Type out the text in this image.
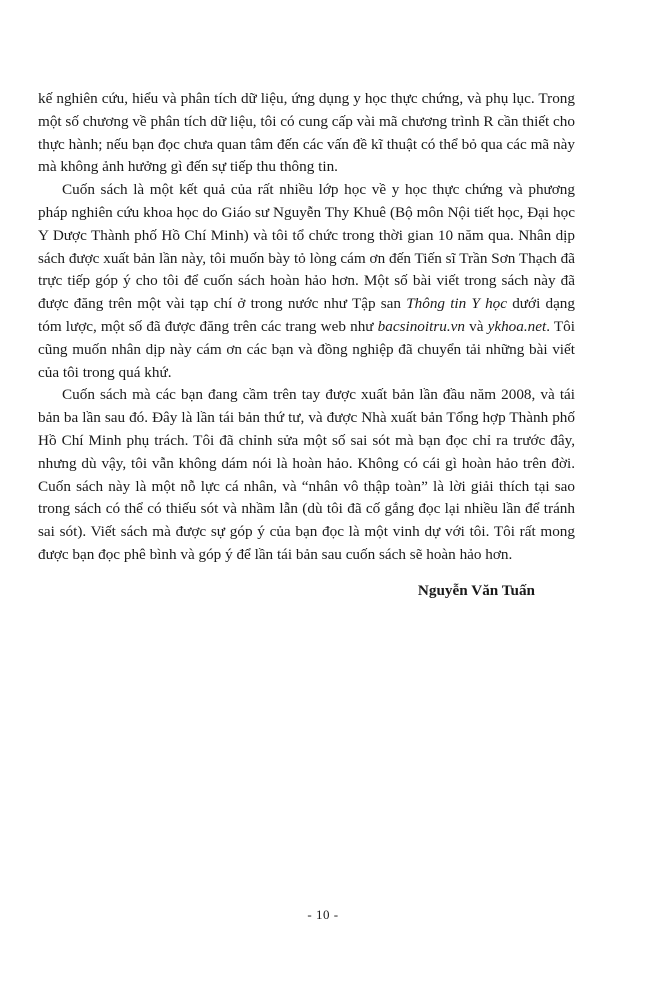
kế nghiên cứu, hiểu và phân tích dữ liệu, ứng dụng y học thực chứng, và phụ lục. Trong một số chương về phân tích dữ liệu, tôi có cung cấp vài mã chương trình R cần thiết cho thực hành; nếu bạn đọc chưa quan tâm đến các vấn đề kĩ thuật có thể bỏ qua các mã này mà không ảnh hưởng gì đến sự tiếp thu thông tin.

Cuốn sách là một kết quả của rất nhiều lớp học về y học thực chứng và phương pháp nghiên cứu khoa học do Giáo sư Nguyễn Thy Khuê (Bộ môn Nội tiết học, Đại học Y Dược Thành phố Hồ Chí Minh) và tôi tổ chức trong thời gian 10 năm qua. Nhân dịp sách được xuất bản lần này, tôi muốn bày tỏ lòng cám ơn đến Tiến sĩ Trần Sơn Thạch đã trực tiếp góp ý cho tôi để cuốn sách hoàn hảo hơn. Một số bài viết trong sách này đã được đăng trên một vài tạp chí ở trong nước như Tập san Thông tin Y học dưới dạng tóm lược, một số đã được đăng trên các trang web như bacsinoitru.vn và ykhoa.net. Tôi cũng muốn nhân dịp này cám ơn các bạn và đồng nghiệp đã chuyển tải những bài viết của tôi trong quá khứ.

Cuốn sách mà các bạn đang cầm trên tay được xuất bản lần đầu năm 2008, và tái bản ba lần sau đó. Đây là lần tái bản thứ tư, và được Nhà xuất bản Tổng hợp Thành phố Hồ Chí Minh phụ trách. Tôi đã chỉnh sửa một số sai sót mà bạn đọc chỉ ra trước đây, nhưng dù vậy, tôi vẫn không dám nói là hoàn hảo. Không có cái gì hoàn hảo trên đời. Cuốn sách này là một nỗ lực cá nhân, và “nhân vô thập toàn” là lời giải thích tại sao trong sách có thể có thiếu sót và nhầm lẫn (dù tôi đã cố gắng đọc lại nhiều lần để tránh sai sót). Viết sách mà được sự góp ý của bạn đọc là một vinh dự với tôi. Tôi rất mong được bạn đọc phê bình và góp ý để lần tái bản sau cuốn sách sẽ hoàn hảo hơn.

Nguyễn Văn Tuấn
- 10 -
